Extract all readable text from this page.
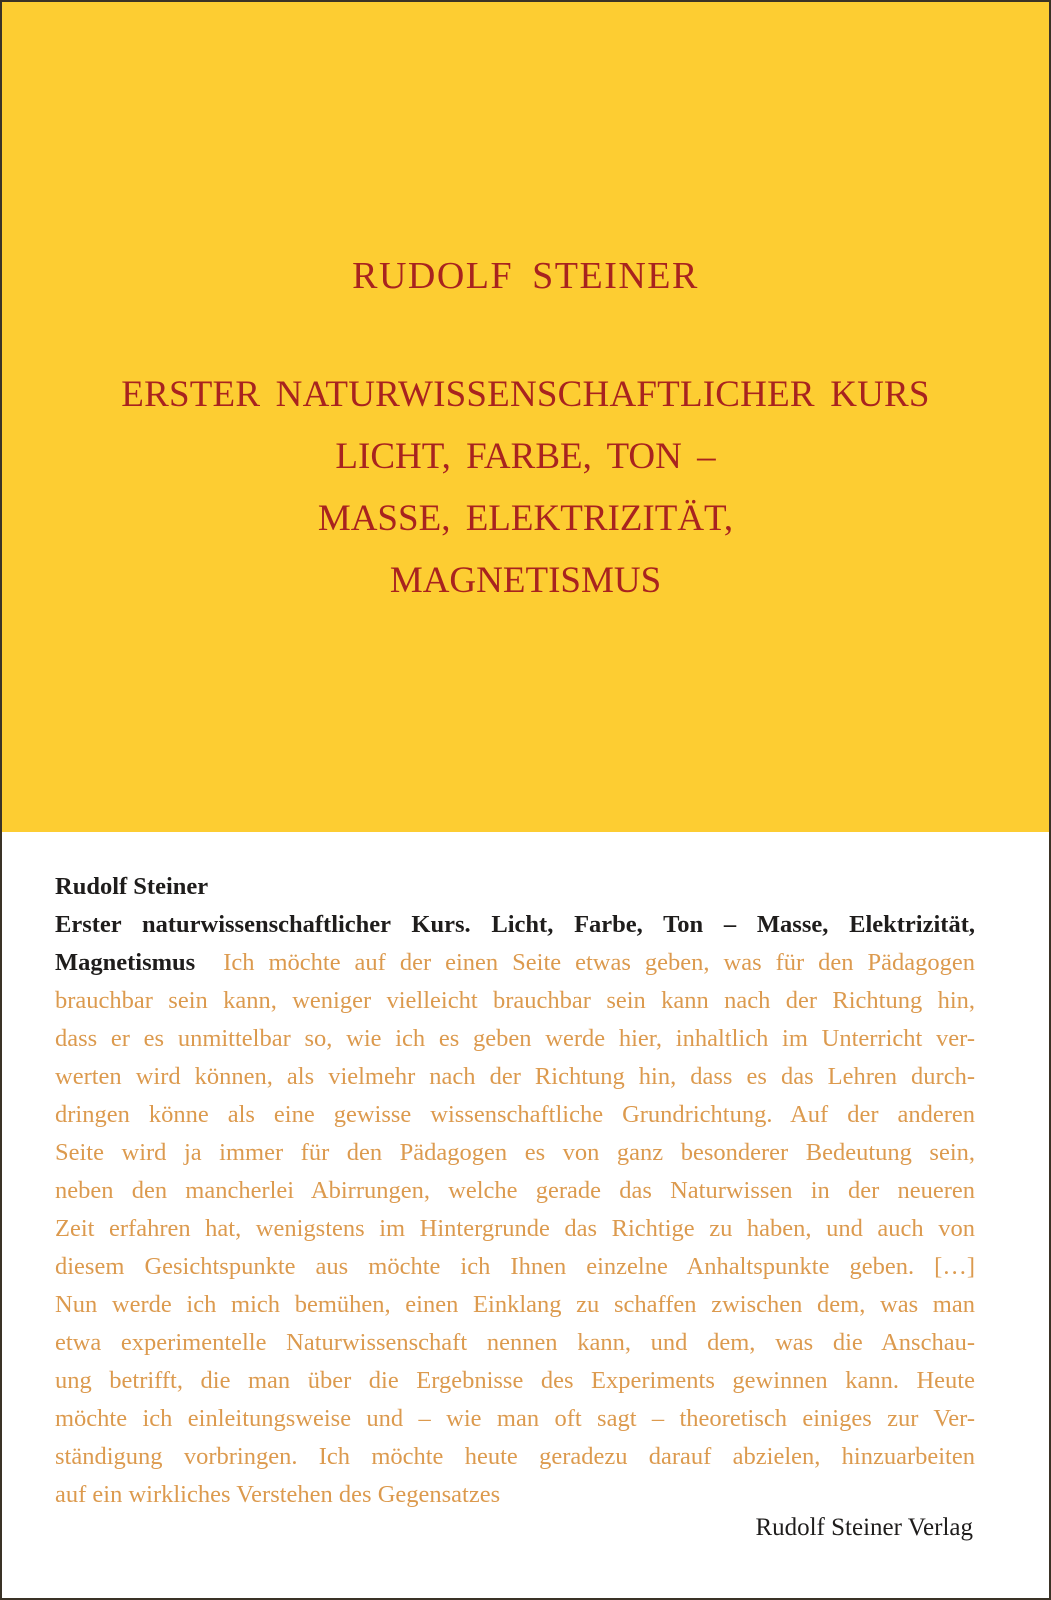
RUDOLF STEINER
ERSTER NATURWISSENSCHAFTLICHER KURS
LICHT, FARBE, TON –
MASSE, ELEKTRIZITÄT,
MAGNETISMUS
Rudolf Steiner
Erster naturwissenschaftlicher Kurs. Licht, Farbe, Ton – Masse, Elektrizität,
Magnetismus Ich möchte auf der einen Seite etwas geben, was für den Pädagogen
brauchbar sein kann, weniger vielleicht brauchbar sein kann nach der Richtung hin,
dass er es unmittelbar so, wie ich es geben werde hier, inhaltlich im Unterricht ver-
werten wird können, als vielmehr nach der Richtung hin, dass es das Lehren durch-
dringen könne als eine gewisse wissenschaftliche Grundrichtung. Auf der anderen
Seite wird ja immer für den Pädagogen es von ganz besonderer Bedeutung sein,
neben den mancherlei Abirrungen, welche gerade das Naturwissen in der neueren
Zeit erfahren hat, wenigstens im Hintergrunde das Richtige zu haben, und auch von
diesem Gesichtspunkte aus möchte ich Ihnen einzelne Anhaltspunkte geben. […]
Nun werde ich mich bemühen, einen Einklang zu schaffen zwischen dem, was man
etwa experimentelle Naturwissenschaft nennen kann, und dem, was die Anschau-
ung betrifft, die man über die Ergebnisse des Experiments gewinnen kann. Heute
möchte ich einleitungsweise und – wie man oft sagt – theoretisch einiges zur Ver-
ständigung vorbringen. Ich möchte heute geradezu darauf abzielen, hinzuarbeiten
auf ein wirkliches Verstehen des Gegensatzes
Rudolf Steiner Verlag
